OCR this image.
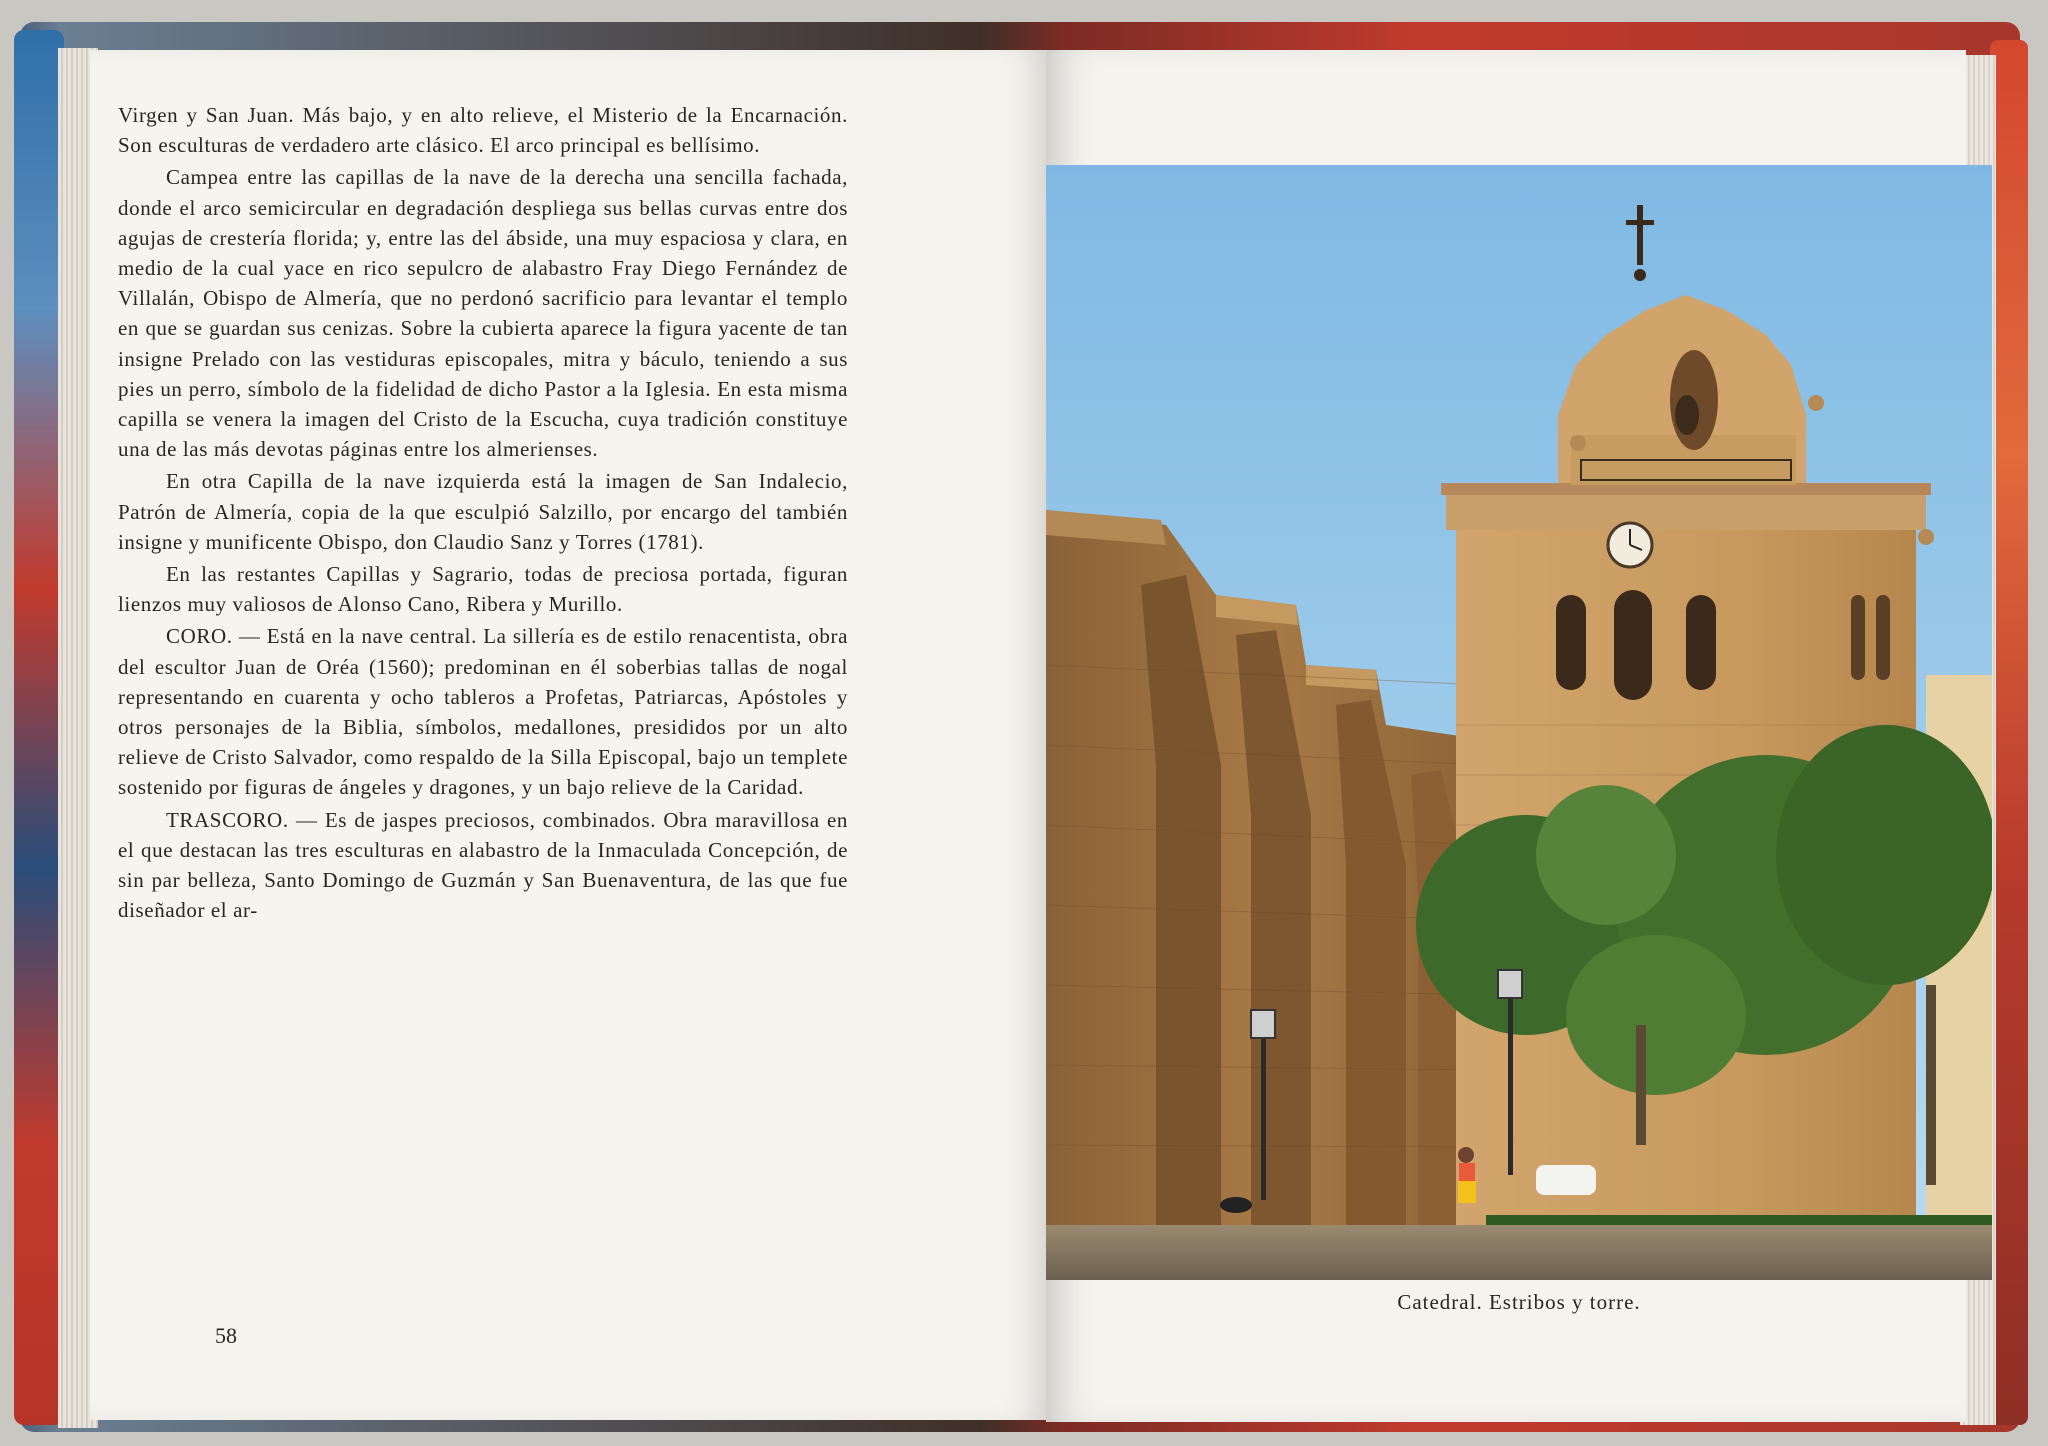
Virgen y San Juan. Más bajo, y en alto relieve, el Misterio de la Encarnación. Son esculturas de verdadero arte clásico. El arco principal es bellísimo.

Campea entre las capillas de la nave de la derecha una sencilla fachada, donde el arco semicircular en degradación despliega sus bellas curvas entre dos agujas de crestería florida; y, entre las del ábside, una muy espaciosa y clara, en medio de la cual yace en rico sepulcro de alabastro Fray Diego Fernández de Villalán, Obispo de Almería, que no perdonó sacrificio para levantar el templo en que se guardan sus cenizas. Sobre la cubierta aparece la figura yacente de tan insigne Prelado con las vestiduras episcopales, mitra y báculo, teniendo a sus pies un perro, símbolo de la fidelidad de dicho Pastor a la Iglesia. En esta misma capilla se venera la imagen del Cristo de la Escucha, cuya tradición constituye una de las más devotas páginas entre los almerienses.

En otra Capilla de la nave izquierda está la imagen de San Indalecio, Patrón de Almería, copia de la que esculpió Salzillo, por encargo del también insigne y munificente Obispo, don Claudio Sanz y Torres (1781).

En las restantes Capillas y Sagrario, todas de preciosa portada, figuran lienzos muy valiosos de Alonso Cano, Ribera y Murillo.

CORO. — Está en la nave central. La sillería es de estilo renacentista, obra del escultor Juan de Oréa (1560); predominan en él soberbias tallas de nogal representando en cuarenta y ocho tableros a Profetas, Patriarcas, Apóstoles y otros personajes de la Biblia, símbolos, medallones, presididos por un alto relieve de Cristo Salvador, como respaldo de la Silla Episcopal, bajo un templete sostenido por figuras de ángeles y dragones, y un bajo relieve de la Caridad.

TRASCORO. — Es de jaspes preciosos, combinados. Obra maravillosa en el que destacan las tres esculturas en alabastro de la Inmaculada Concepción, de sin par belleza, Santo Domingo de Guzmán y San Buenaventura, de las que fue diseñador el ar-

58
Catedral. Estribos y torre.
